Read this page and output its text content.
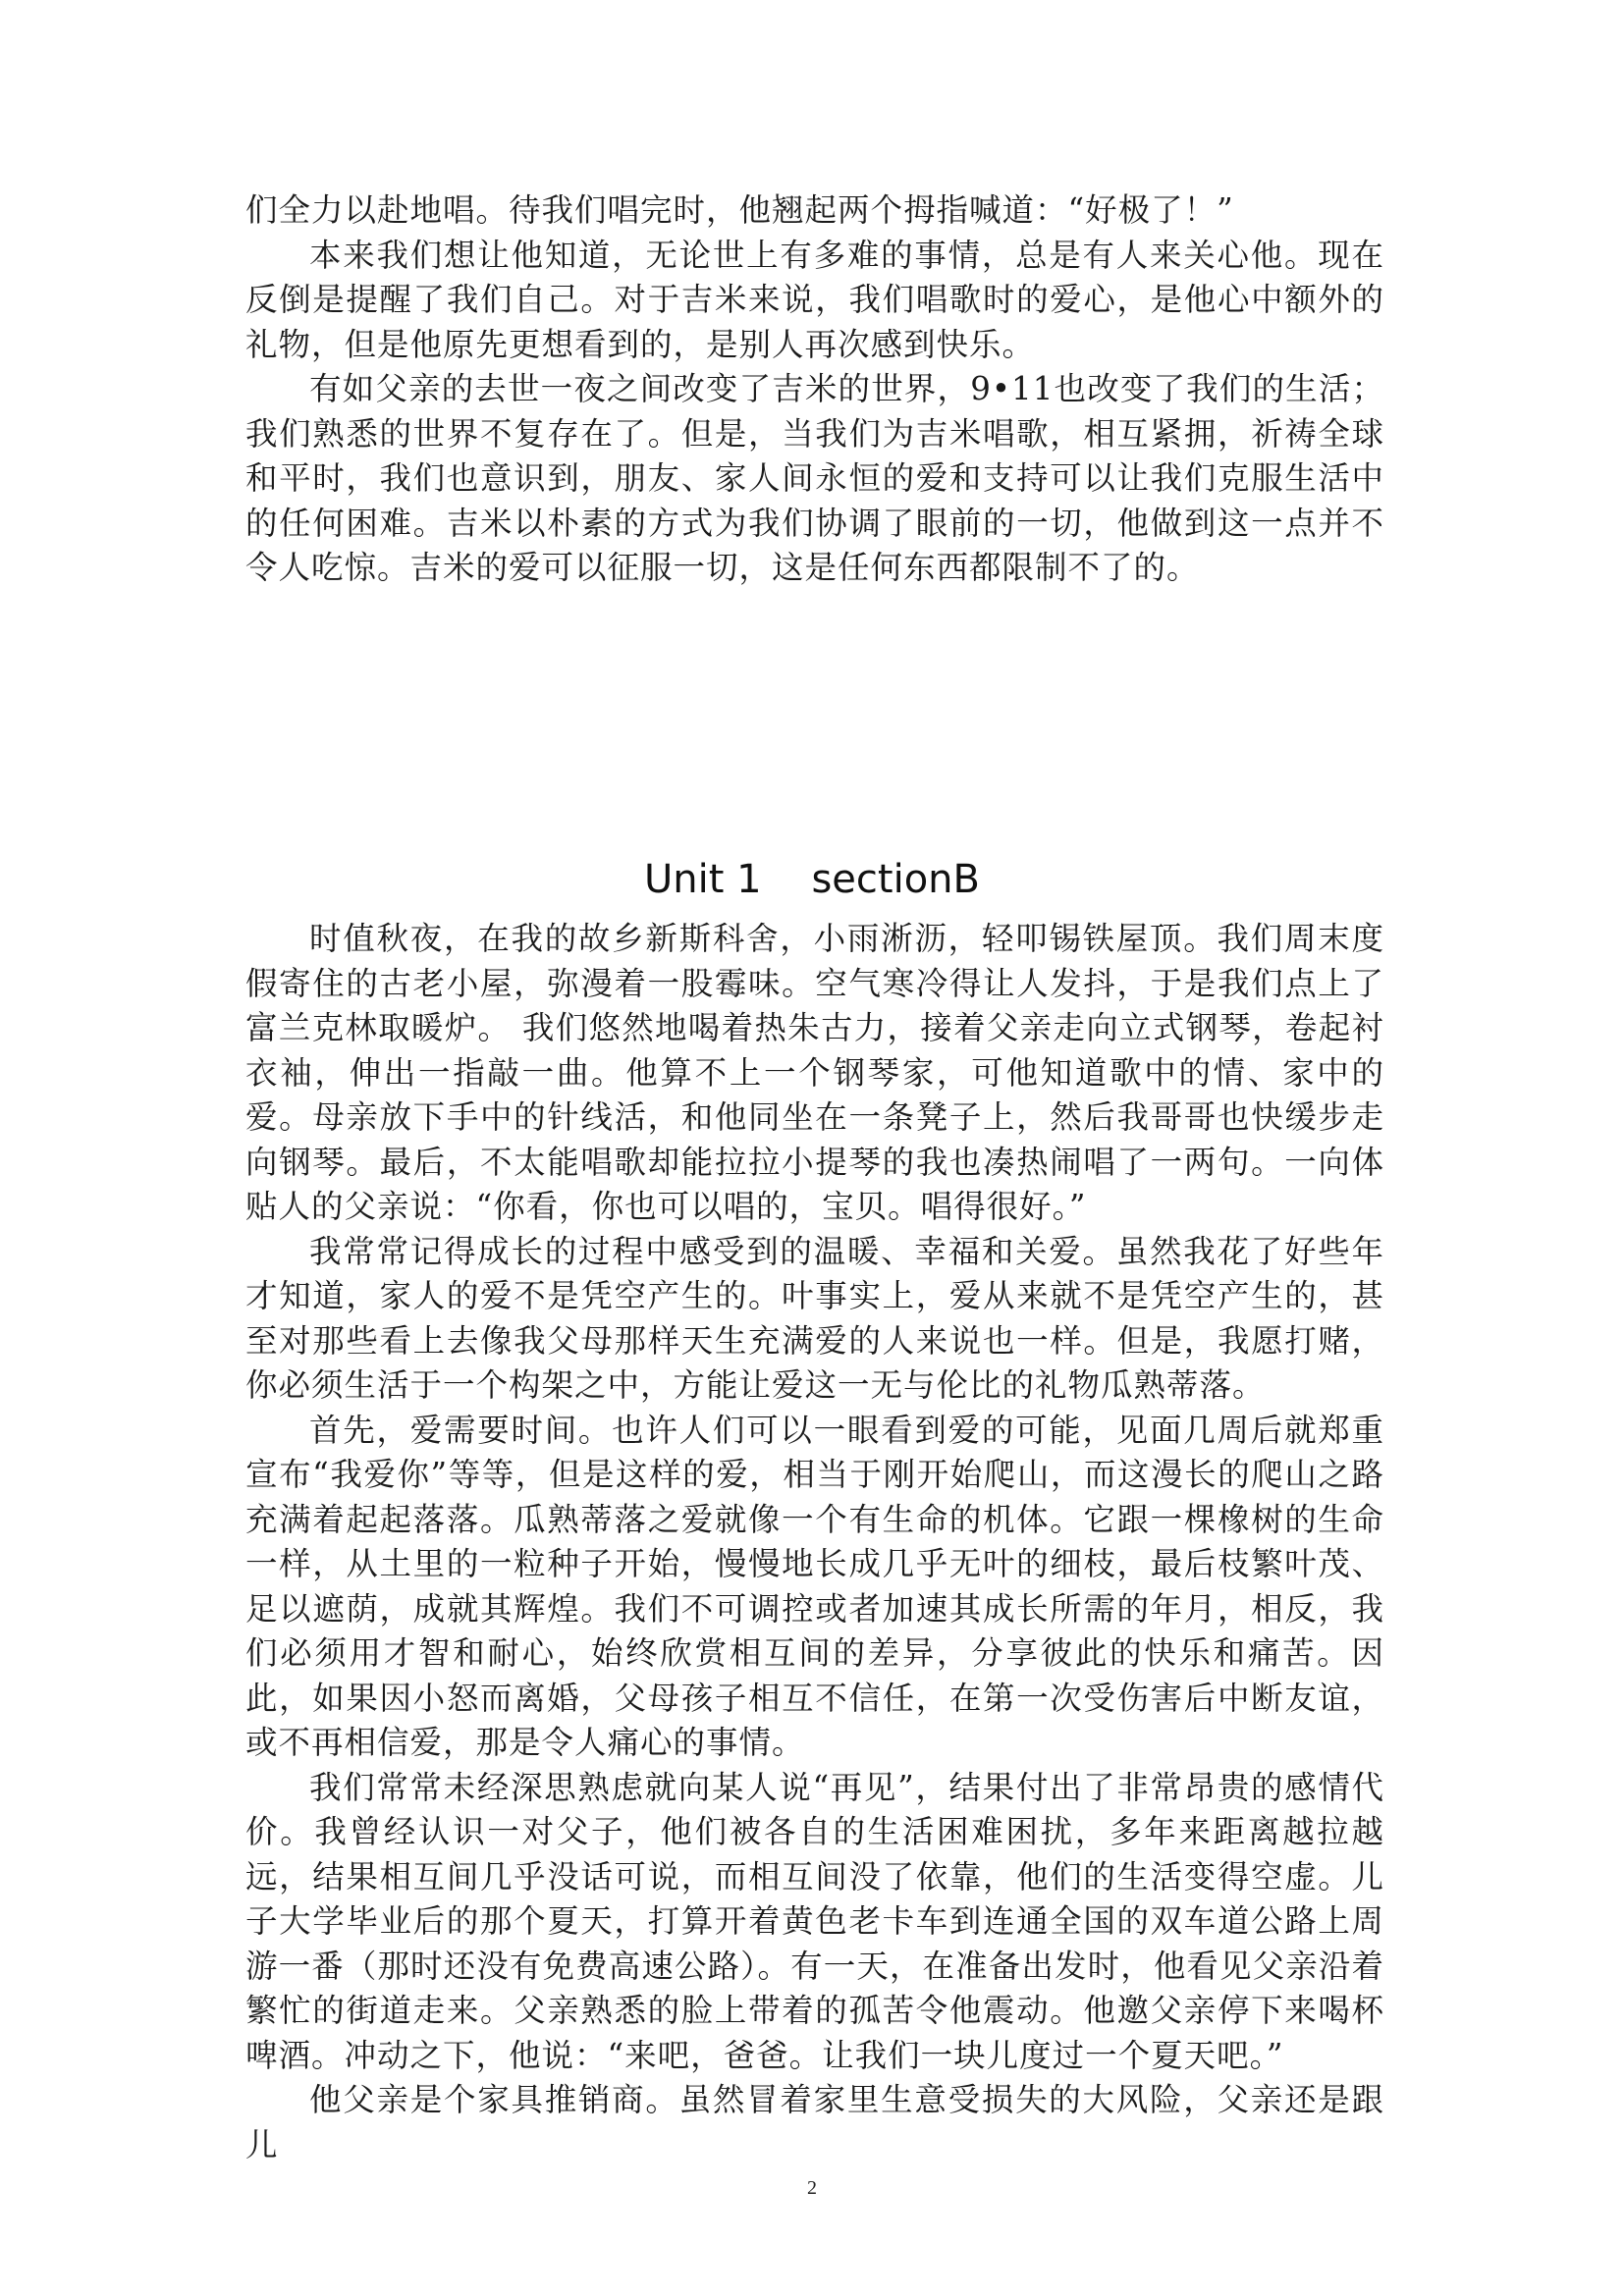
们全力以赴地唱。待我们唱完时，他翘起两个拇指喊道：“好极了！”

本来我们想让他知道，无论世上有多难的事情，总是有人来关心他。现在反倒是提醒了我们自己。对于吉米来说，我们唱歌时的爱心，是他心中额外的礼物，但是他原先更想看到的，是别人再次感到快乐。

有如父亲的去世一夜之间改变了吉米的世界，9•11也改变了我们的生活；我们熟悉的世界不复存在了。但是，当我们为吉米唱歌，相互紧拥，祈祷全球和平时，我们也意识到，朋友、家人间永恒的爱和支持可以让我们克服生活中的任何困难。吉米以朴素的方式为我们协调了眼前的一切，他做到这一点并不令人吃惊。吉米的爱可以征服一切，这是任何东西都限制不了的。

Unit 1    sectionB

时值秋夜，在我的故乡新斯科舍，小雨淅沥，轻叩锡铁屋顶。我们周末度假寄住的古老小屋，弥漫着一股霉味。空气寒冷得让人发抖，于是我们点上了富兰克林取暖炉。 我们悠然地喝着热朱古力，接着父亲走向立式钢琴，卷起衬衣袖，伸出一指敲一曲。他算不上一个钢琴家，可他知道歌中的情、家中的爱。母亲放下手中的针线活，和他同坐在一条凳子上，然后我哥哥也快缓步走向钢琴。最后，不太能唱歌却能拉拉小提琴的我也凑热闹唱了一两句。一向体贴人的父亲说：“你看，你也可以唱的，宝贝。唱得很好。”

我常常记得成长的过程中感受到的温暖、幸福和关爱。虽然我花了好些年才知道，家人的爱不是凭空产生的。叶事实上，爱从来就不是凭空产生的，甚至对那些看上去像我父母那样天生充满爱的人来说也一样。但是，我愿打赌，你必须生活于一个构架之中，方能让爱这一无与伦比的礼物瓜熟蒂落。

首先，爱需要时间。也许人们可以一眼看到爱的可能，见面几周后就郑重宣布“我爱你”等等，但是这样的爱，相当于刚开始爬山，而这漫长的爬山之路充满着起起落落。瓜熟蒂落之爱就像一个有生命的机体。它跟一棵橡树的生命一样，从土里的一粒种子开始，慢慢地长成几乎无叶的细枝，最后枝繁叶茂、足以遮荫，成就其辉煌。我们不可调控或者加速其成长所需的年月，相反，我们必须用才智和耐心，始终欣赏相互间的差异，分享彼此的快乐和痛苦。因此，如果因小怒而离婚，父母孩子相互不信任，在第一次受伤害后中断友谊，或不再相信爱，那是令人痛心的事情。

我们常常未经深思熟虑就向某人说“再见”，结果付出了非常昂贵的感情代价。我曾经认识一对父子，他们被各自的生活困难困扰，多年来距离越拉越远，结果相互间几乎没话可说，而相互间没了依靠，他们的生活变得空虚。儿子大学毕业后的那个夏天，打算开着黄色老卡车到连通全国的双车道公路上周游一番（那时还没有免费高速公路）。有一天，在准备出发时，他看见父亲沿着繁忙的街道走来。父亲熟悉的脸上带着的孤苦令他震动。他邀父亲停下来喝杯啤酒。冲动之下，他说：“来吧，爸爸。让我们一块儿度过一个夏天吧。”

他父亲是个家具推销商。虽然冒着家里生意受损失的大风险，父亲还是跟儿

2
